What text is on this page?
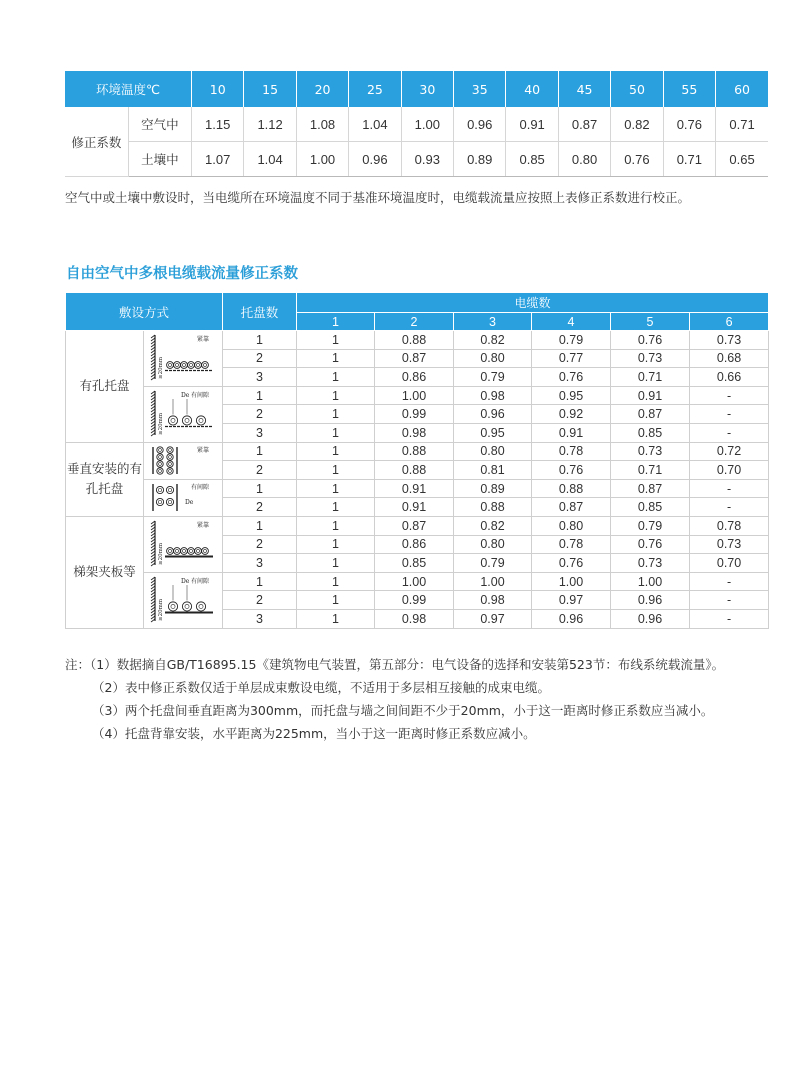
环境温度℃		10	15	20	25	30	35	40	45	50	55	60
修正系数	空气中	1.15	1.12	1.08	1.04	1.00	0.96	0.91	0.87	0.82	0.76	0.71
	土壤中	1.07	1.04	1.00	0.96	0.93	0.89	0.85	0.80	0.76	0.71	0.65
空气中或土壤中敷设时，当电缆所在环境温度不同于基准环境温度时，电缆载流量应按照上表修正系数进行校正。
自由空气中多根电缆载流量修正系数
敷设方式		托盘数	电缆数					
			1	2	3	4	5	6
有孔托盘	≥20mm
紧靠	1	1	0.88	0.82	0.79	0.76	0.73
		2	1	0.87	0.80	0.77	0.73	0.68
		3	1	0.86	0.79	0.76	0.71	0.66

≥20mm
De 有间隙	1	1	1.00	0.98	0.95	0.91	-
		2	1	0.99	0.96	0.92	0.87	-
		3	1	0.98	0.95	0.91	0.85	-
垂直安装的有孔托盘	紧靠	1	1	0.88	0.80	0.78	0.73	0.72
		2	1	0.88	0.81	0.76	0.71	0.70

De
有间隙	1	1	0.91	0.89	0.88	0.87	-
		2	1	0.91	0.88	0.87	0.85	-
梯架夹板等	≥20mm
紧靠	1	1	0.87	0.82	0.80	0.79	0.78
		2	1	0.86	0.80	0.78	0.76	0.73
		3	1	0.85	0.79	0.76	0.73	0.70

≥20mm
De 有间隙	1	1	1.00	1.00	1.00	1.00	-
		2	1	0.99	0.98	0.97	0.96	-
		3	1	0.98	0.97	0.96	0.96	-
注：（1）数据摘自GB/T16895.15《建筑物电气装置，第五部分：电气设备的选择和安装第523节：布线系统载流量》。
（2）表中修正系数仅适于单层成束敷设电缆，不适用于多层相互接触的成束电缆。
（3）两个托盘间垂直距离为300mm，而托盘与墙之间间距不少于20mm，小于这一距离时修正系数应当减小。
（4）托盘背靠安装，水平距离为225mm，当小于这一距离时修正系数应减小。
